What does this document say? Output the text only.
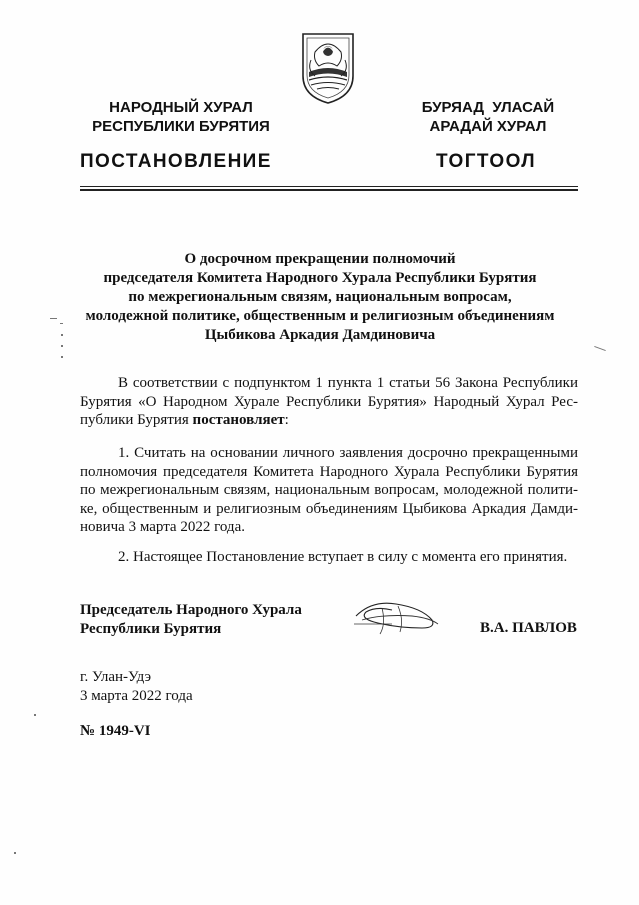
НАРОДНЫЙ ХУРАЛ
РЕСПУБЛИКИ БУРЯТИЯ
БУРЯАД  УЛАСАЙ
АРАДАЙ ХУРАЛ
ПОСТАНОВЛЕНИЕ	ТОГТООЛ
О досрочном прекращении полномочий
председателя Комитета Народного Хурала Республики Бурятия
по межрегиональным связям, национальным вопросам,
молодежной политике, общественным и религиозным объединениям
Цыбикова Аркадия Дамдиновича
В соответствии с подпунктом 1 пункта 1 статьи 56 Закона Республики
Бурятия «О Народном Хурале Республики Бурятия» Народный Хурал Рес-
публики Бурятия постановляет:
1. Считать на основании личного заявления досрочно прекращенными
полномочия председателя Комитета Народного Хурала Республики Бурятия
по межрегиональным связям, национальным вопросам, молодежной полити-
ке, общественным и религиозным объединениям Цыбикова Аркадия Дамди-
новича 3 марта 2022 года.
2. Настоящее Постановление вступает в силу с момента его принятия.
Председатель Народного Хурала
Республики Бурятия	В.А. ПАВЛОВ
г. Улан-Удэ
3 марта 2022 года
№ 1949-VI
